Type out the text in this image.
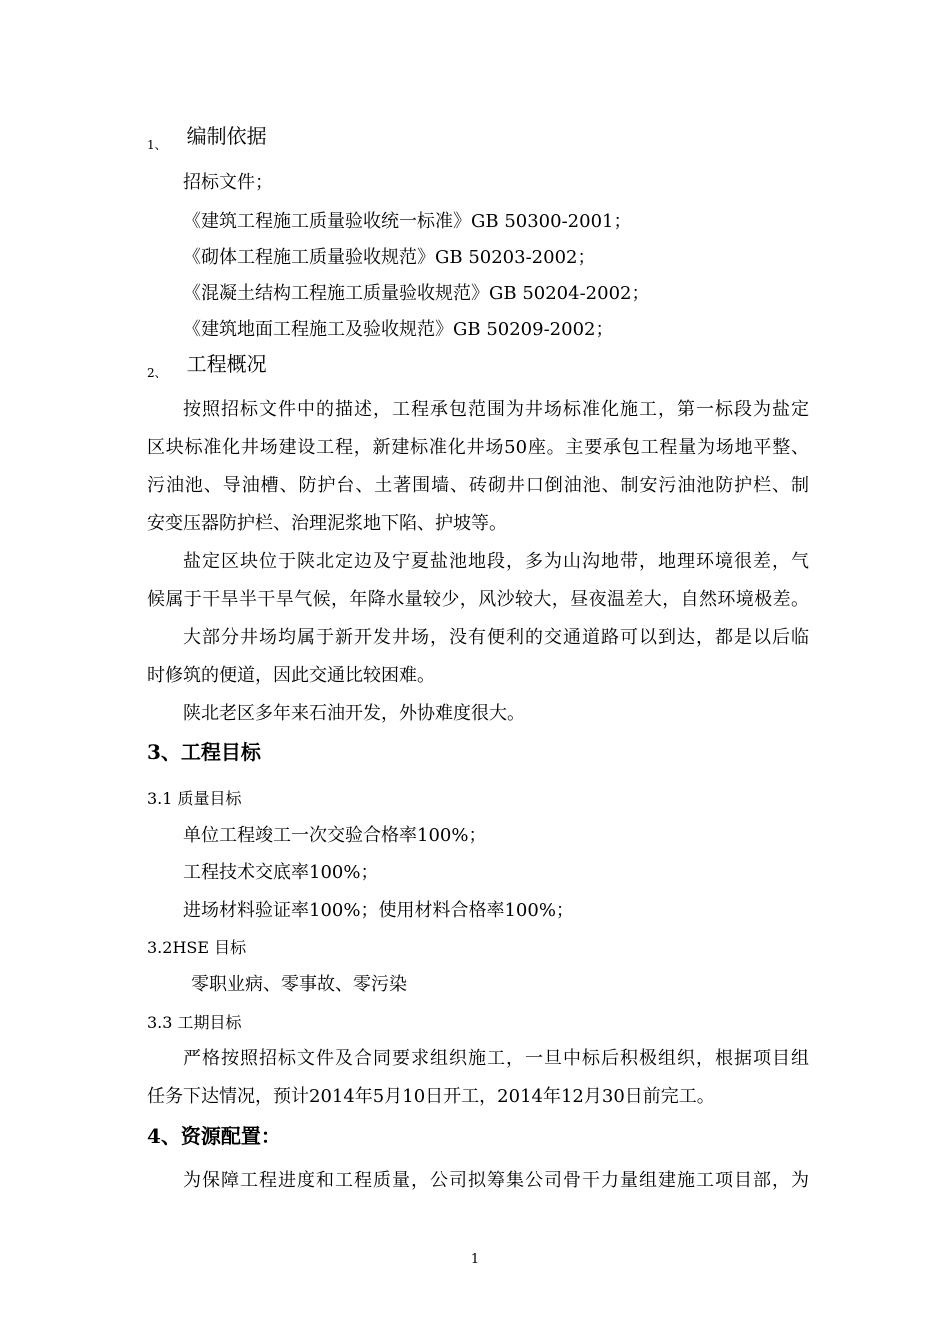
$_{1、}$ 编制依据
招标文件；
《建筑工程施工质量验收统一标准》GB 50300-2001；
《砌体工程施工质量验收规范》GB 50203-2002；
《混凝土结构工程施工质量验收规范》GB 50204-2002；
《建筑地面工程施工及验收规范》GB 50209-2002；
$_{2、}$ 工程概况
按照招标文件中的描述，工程承包范围为井场标准化施工，第一标段为盐定
区块标准化井场建设工程，新建标准化井场50座。主要承包工程量为场地平整、
污油池、导油槽、防护台、土著围墙、砖砌井口倒油池、制安污油池防护栏、制
安变压器防护栏、治理泥浆地下陷、护坡等。
盐定区块位于陕北定边及宁夏盐池地段，多为山沟地带，地理环境很差，气
候属于干旱半干旱气候，年降水量较少，风沙较大，昼夜温差大，自然环境极差。
大部分井场均属于新开发井场，没有便利的交通道路可以到达，都是以后临
时修筑的便道，因此交通比较困难。
陕北老区多年来石油开发，外协难度很大。
3、工程目标
3.1 质量目标
单位工程竣工一次交验合格率100%；
工程技术交底率100%；
进场材料验证率100%；使用材料合格率100%；
3.2HSE 目标
零职业病、零事故、零污染
3.3 工期目标
严格按照招标文件及合同要求组织施工，一旦中标后积极组织，根据项目组
任务下达情况，预计2014年5月10日开工，2014年12月30日前完工。
4、资源配置：
为保障工程进度和工程质量，公司拟筹集公司骨干力量组建施工项目部，为
1
